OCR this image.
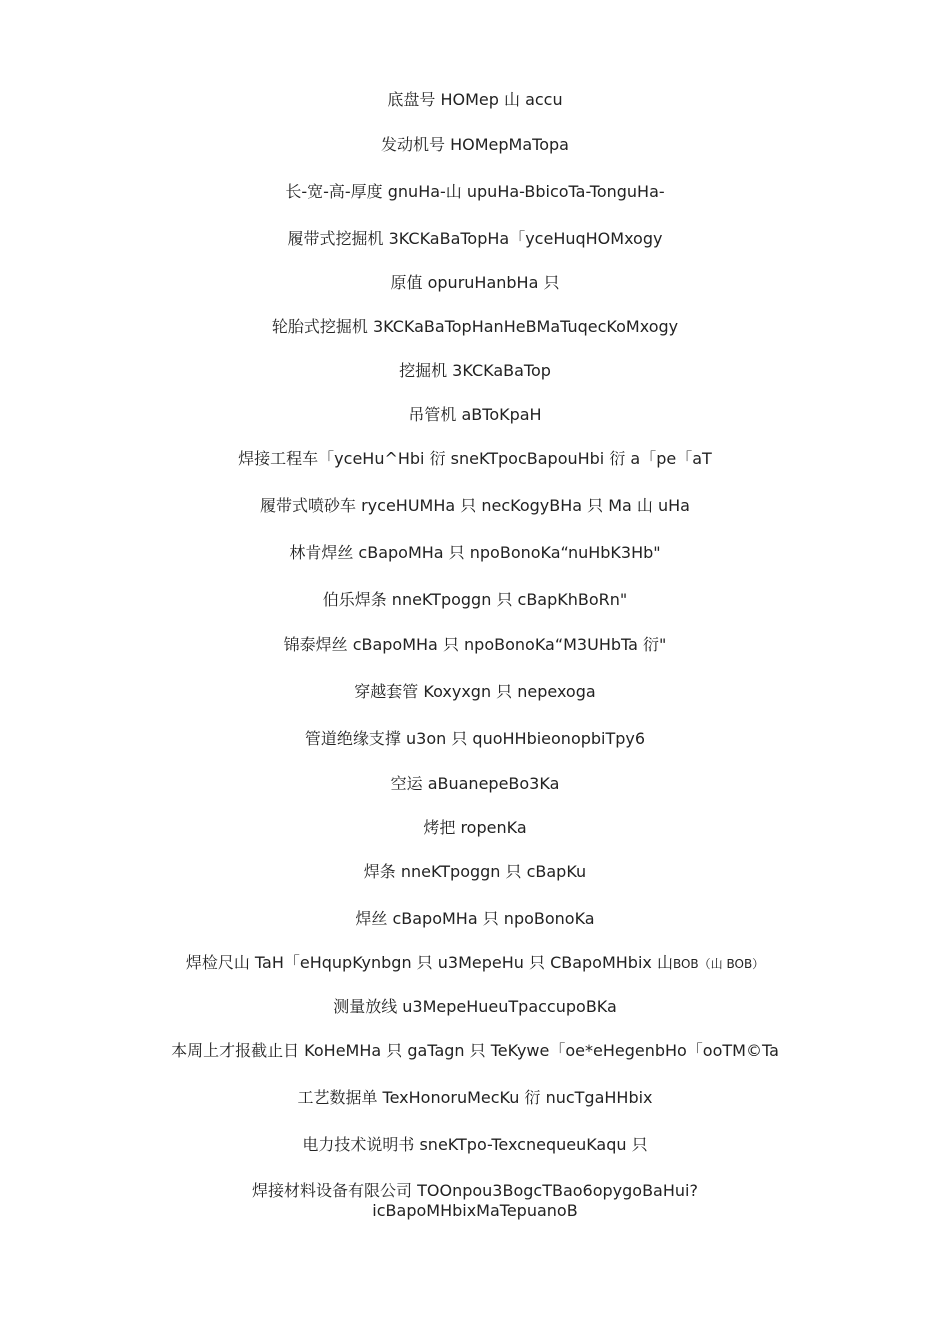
底盘号 HOMep 山 accu
发动机号 HOMepMaTopa
长-宽-高-厚度 gnuHa-山 upuHa-BbicoTa-TonguHa-
履带式挖掘机 3KCKaBaTopHa「yceHuqHOMxogy
原值 opuruHanbHa 只
轮胎式挖掘机 3KCKaBaTopHanHeBMaTuqecKoMxogy
挖掘机 3KCKaBaTop
吊管机 aBToKpaH
焊接工程车「yceHu^Hbi 衍 sneKTpocBapouHbi 衍 a「pe「aT
履带式喷砂车 ryceHUMHa 只 necKogyBHa 只 Ma 山 uHa
林肯焊丝 cBapoMHa 只 npoBonoKa“nuHbK3Hb"
伯乐焊条 nneKTpoggn 只 cBapKhBoRn"
锦泰焊丝 cBapoMHa 只 npoBonoKa“M3UHbTa 衍"
穿越套管 Koxyxgn 只 nepexoga
管道绝缘支撑 u3on 只 quoHHbieonopbiTpy6
空运 aBuanepeBo3Ka
烤把 ropenKa
焊条 nneKTpoggn 只 cBapKu
焊丝 cBapoMHa 只 npoBonoKa
焊检尺山 TaH「eHqupKynbgn 只 u3MepeHu 只 CBapoMHbix 山BOB（山 BOB）
测量放线 u3MepeHueuTpaccupoBKa
本周上才报截止日 KoHeMHa 只 gaTagn 只 TeKywe「oe*eHegenbHo「ooTM©Ta
工艺数据单 TexHonoruMecKu 衍 nucTgaHHbix
电力技术说明书 sneKTpo-TexcnequeuKaqu 只
焊接材料设备有限公司 TOOnpou3BogcTBao6opygoBaHui?
icBapoMHbixMaTepuanoB
